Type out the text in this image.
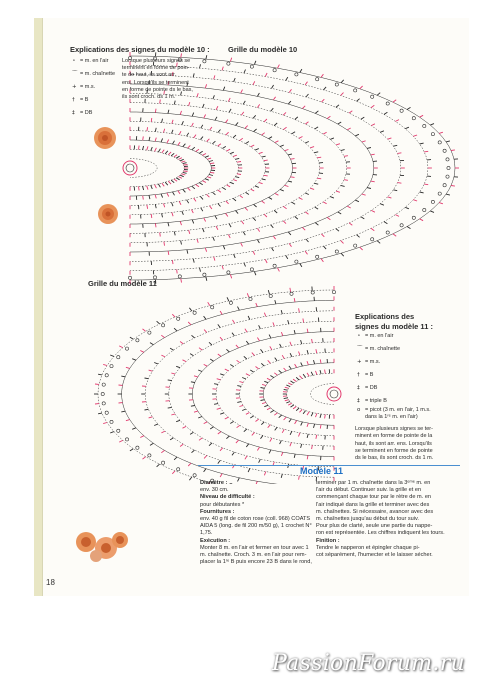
Explications des signes du modèle 10 : Grille du modèle 10
Grille du modèle 11
Modèle 11
18
PassionForum.ru
∘ = m. en l'air
⌒ = m. chaînette
+ = m.s.
† = B
‡ = DB
Lorsque plusieurs signes se
terminent en forme de poin-
te de haut, ils sont arr.
ens. Lorsqu'ils se terminent
en forme de pointe ds le bas,
ils sont croch. ds 1 m.
Explications des
signes du modèle 11 :
∘ = m. en l'air
⌒ = m. chaînette
+ = m.s.
† = B
‡ = DB
‡ = triple B
ο = picot (3 m. en l'air, 1 m.s.
dans la 1ʳᵉ m. en l'air)
Lorsque plusieurs signes se ter-
minent en forme de pointe de la
haut, ils sont arr. ens. Lorsqu'ils
se terminent en forme de pointe
ds le bas, ils sont croch. ds 1 m.
Diamètre :
env. 30 cm.
Niveau de difficulté :
pour débutantes *
Fournitures :
env. 40 g fil de coton rose (coll. 968) COATS
AIDA 5 (long. de fil 200 m/50 g), 1 crochet N°
1,75.
Exécution :
Monter 8 m. en l'air et fermer en tour avec 1
m. chaînette. Croch. 3 m. en l'air pour rem-
placer la 1ʳᵉ B puis encore 23 B dans le rond,
terminer par 1 m. chaînette dans la 3ᵉᵐᵉ m. en
l'air du début. Continuer suiv. la grille et en
commençant chaque tour par le rètre de m. en
l'air indiqué dans la grille et terminer avec des
m. chaînettes. Si nécessaire, avancer avec des
m. chaînettes jusqu'au début du tour suiv.
Pour plus de clarté, seule une partie du nappe-
ron est représentée. Les chiffres indiquent les tours.
Finition :
Tendre le napperon et épingler chaque pi-
cot séparément, l'humecter et le laisser sécher.
